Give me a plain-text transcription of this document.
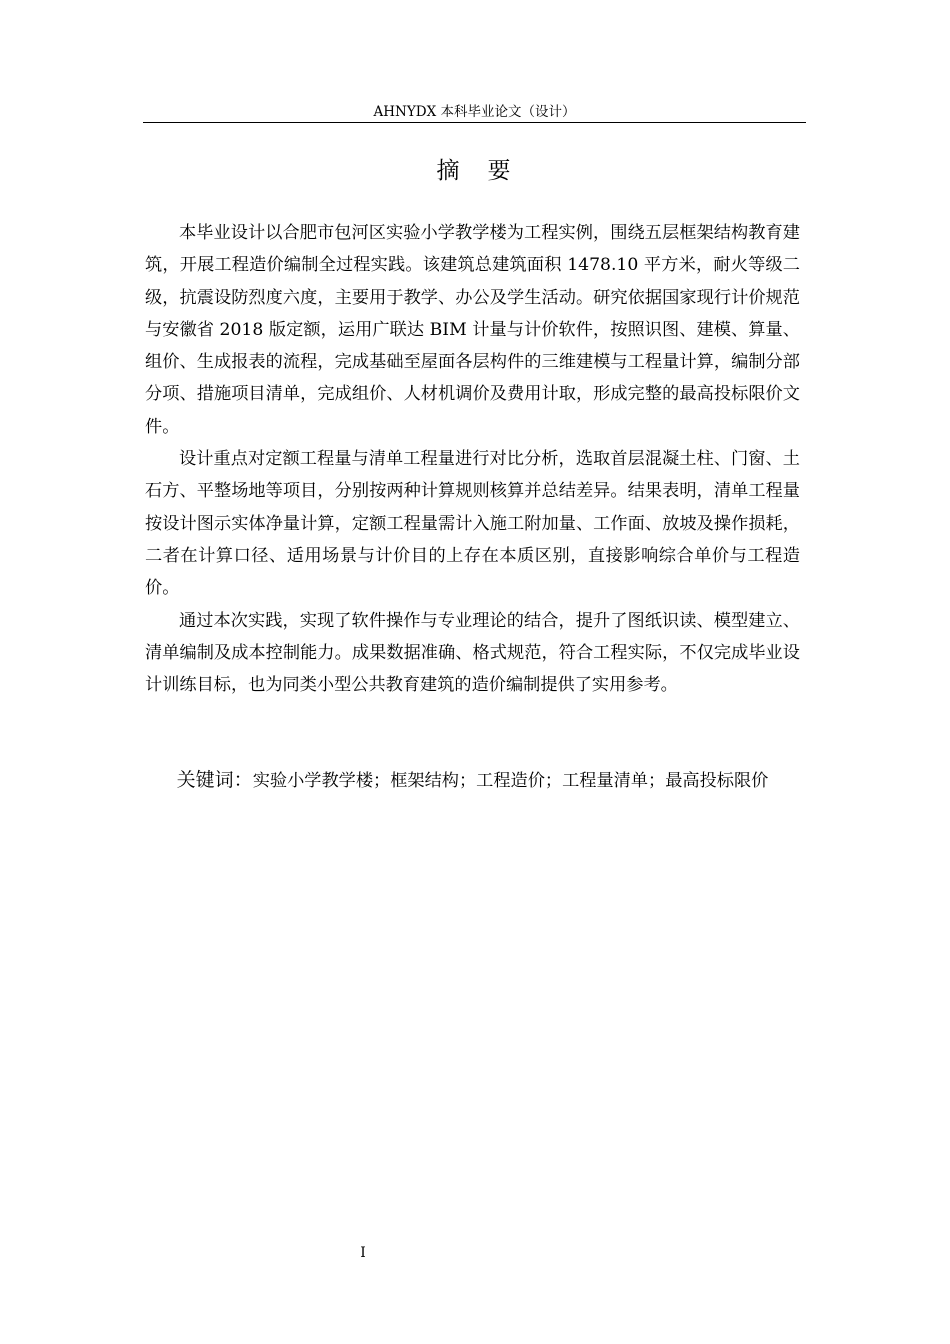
AHNYDX 本科毕业论文（设计）
摘 要

本毕业设计以合肥市包河区实验小学教学楼为工程实例，围绕五层框架结构教育建筑，开展工程造价编制全过程实践。该建筑总建筑面积 1478.10 平方米，耐火等级二级，抗震设防烈度六度，主要用于教学、办公及学生活动。研究依据国家现行计价规范与安徽省 2018 版定额，运用广联达 BIM 计量与计价软件，按照识图、建模、算量、组价、生成报表的流程，完成基础至屋面各层构件的三维建模与工程量计算，编制分部分项、措施项目清单，完成组价、人材机调价及费用计取，形成完整的最高投标限价文件。

设计重点对定额工程量与清单工程量进行对比分析，选取首层混凝土柱、门窗、土石方、平整场地等项目，分别按两种计算规则核算并总结差异。结果表明，清单工程量按设计图示实体净量计算，定额工程量需计入施工附加量、工作面、放坡及操作损耗，二者在计算口径、适用场景与计价目的上存在本质区别，直接影响综合单价与工程造价。

通过本次实践，实现了软件操作与专业理论的结合，提升了图纸识读、模型建立、清单编制及成本控制能力。成果数据准确、格式规范，符合工程实际，不仅完成毕业设计训练目标，也为同类小型公共教育建筑的造价编制提供了实用参考。

关键词：实验小学教学楼；框架结构；工程造价；工程量清单；最高投标限价
I
